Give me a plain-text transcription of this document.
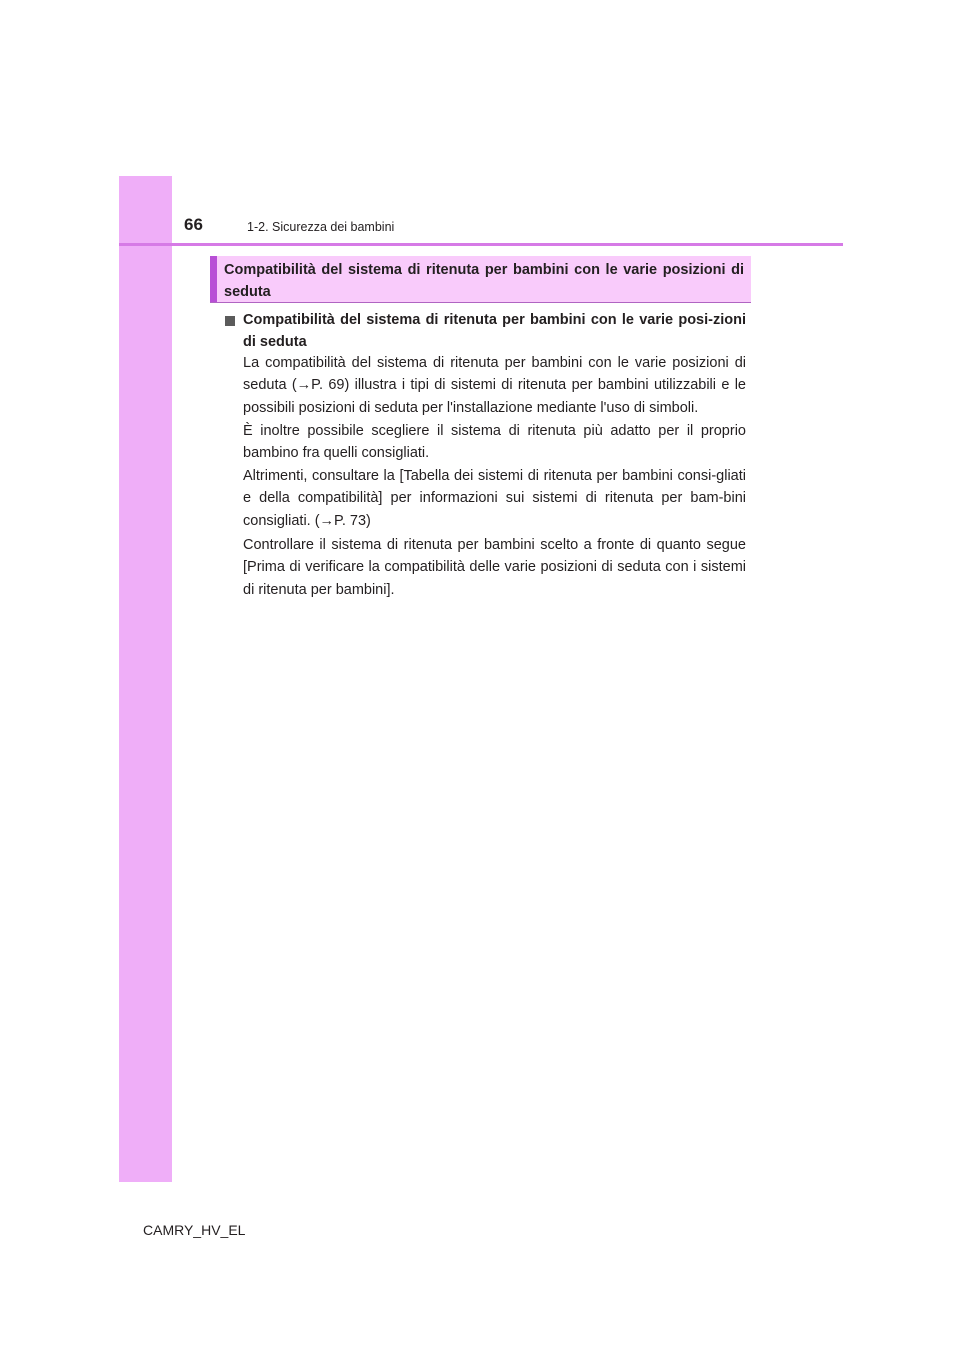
66	1-2. Sicurezza dei bambini
Compatibilità del sistema di ritenuta per bambini con le varie posizioni di seduta
Compatibilità del sistema di ritenuta per bambini con le varie posi-zioni di seduta

La compatibilità del sistema di ritenuta per bambini con le varie posizioni di seduta (→P. 69) illustra i tipi di sistemi di ritenuta per bambini utilizzabili e le possibili posizioni di seduta per l'installazione mediante l'uso di simboli.

È inoltre possibile scegliere il sistema di ritenuta più adatto per il proprio bambino fra quelli consigliati.

Altrimenti, consultare la [Tabella dei sistemi di ritenuta per bambini consi-gliati e della compatibilità] per informazioni sui sistemi di ritenuta per bam-bini consigliati. (→P. 73)

Controllare il sistema di ritenuta per bambini scelto a fronte di quanto segue [Prima di verificare la compatibilità delle varie posizioni di seduta con i sistemi di ritenuta per bambini].

CAMRY_HV_EL
